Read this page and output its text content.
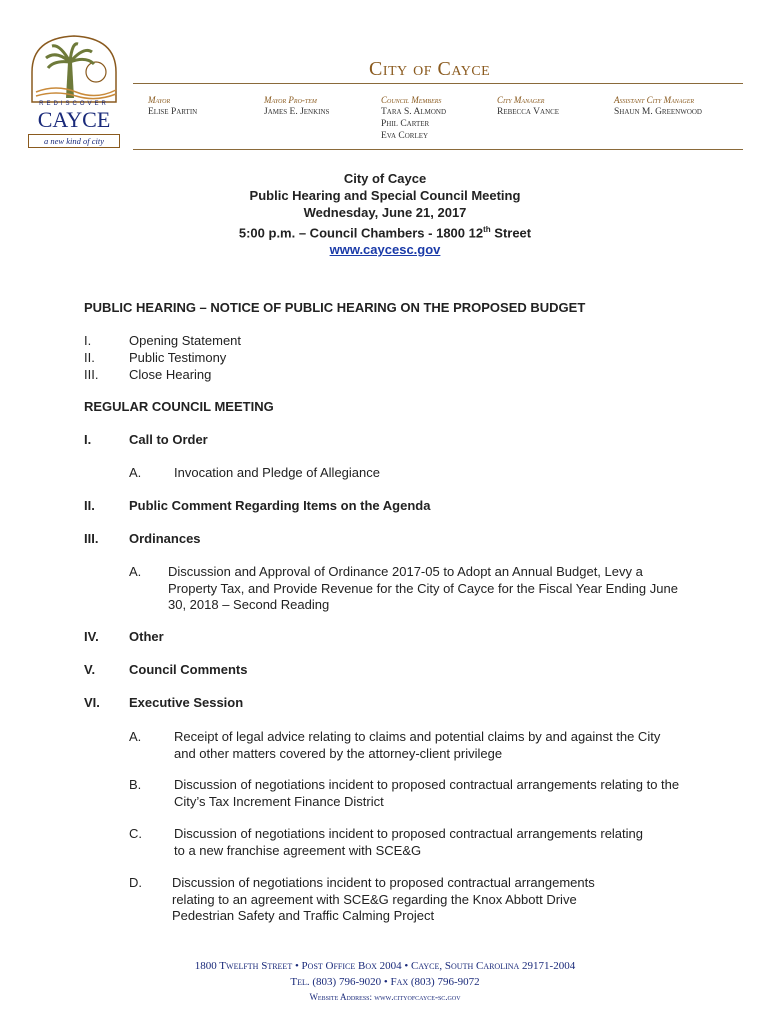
REDISCOVER
CAYCE
a new kind of city
City of Cayce
Mayor
Elise Partin
Mayor Pro-tem
James E. Jenkins
Council Members
Tara S. Almond
Phil Carter
Eva Corley
City Manager
Rebecca Vance
Assistant City Manager
Shaun M. Greenwood
City of Cayce
Public Hearing and Special Council Meeting
Wednesday, June 21, 2017
5:00 p.m. – Council Chambers - 1800 12th Street
www.caycesc.gov
PUBLIC HEARING – NOTICE OF PUBLIC HEARING ON THE PROPOSED BUDGET
I.	Opening Statement
II.	Public Testimony
III. Close Hearing
REGULAR COUNCIL MEETING
I.	Call to Order
A.	Invocation and Pledge of Allegiance
II.	Public Comment Regarding Items on the Agenda
III. Ordinances
A. Discussion and Approval of Ordinance 2017-05 to Adopt an Annual Budget, Levy a Property Tax, and Provide Revenue for the City of Cayce for the Fiscal Year Ending June 30, 2018 – Second Reading
IV. Other
V.	Council Comments
VI. Executive Session
A.	Receipt of legal advice relating to claims and potential claims by and against the City and other matters covered by the attorney-client privilege
B.	Discussion of negotiations incident to proposed contractual arrangements relating to the City’s Tax Increment Finance District
C. Discussion of negotiations incident to proposed contractual arrangements relating to a new franchise agreement with SCE&G
D. Discussion of negotiations incident to proposed contractual arrangements relating to an agreement with SCE&G regarding the Knox Abbott Drive Pedestrian Safety and Traffic Calming Project
1800 Twelfth Street • Post Office Box 2004 • Cayce, South Carolina 29171-2004
Tel. (803) 796-9020 • Fax (803) 796-9072
Website Address: www.cityofcayce-sc.gov
